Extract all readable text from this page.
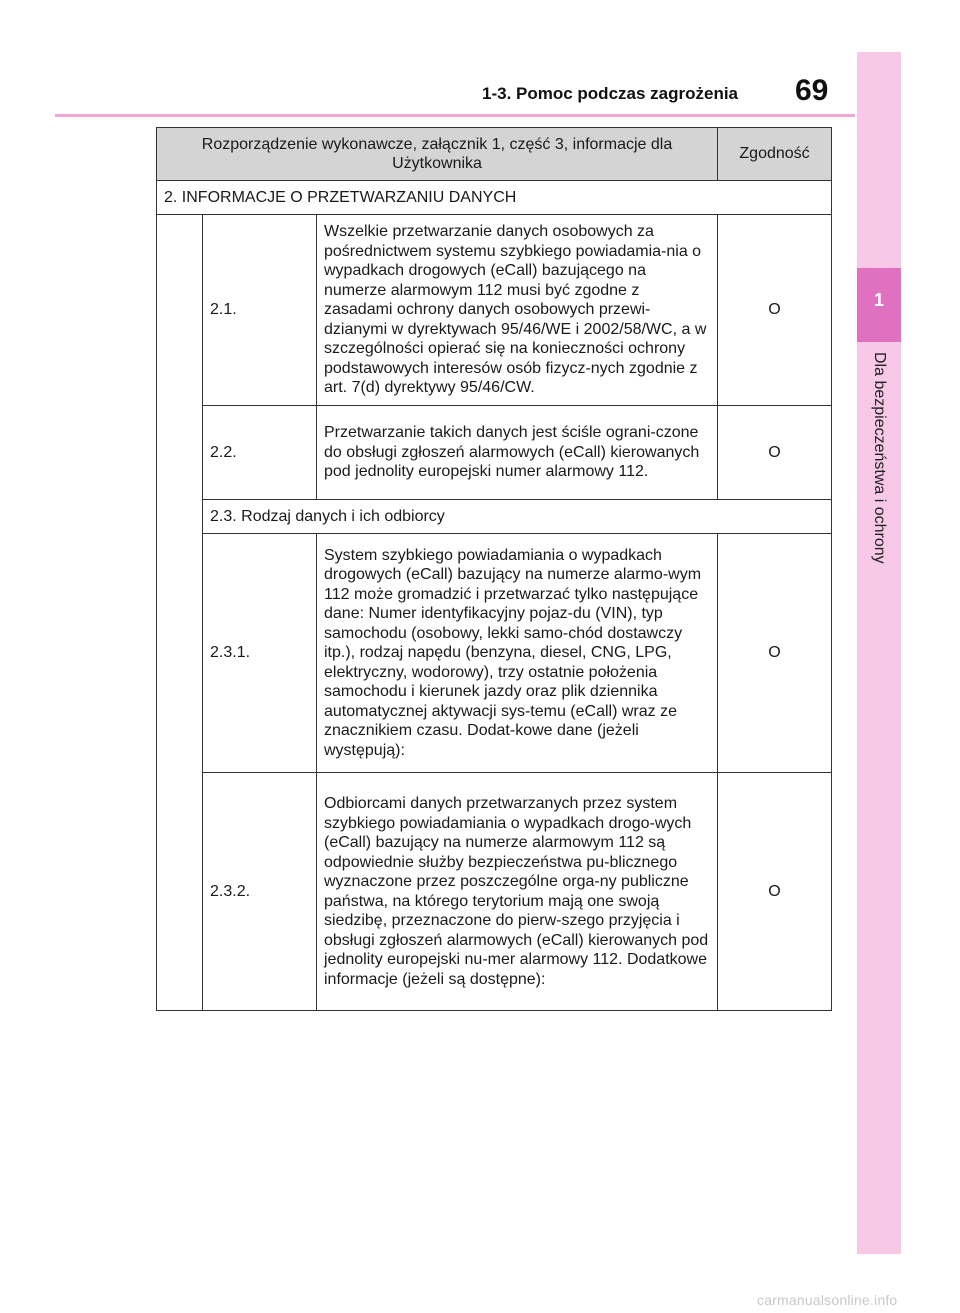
1-3. Pomoc podczas zagrożenia 69
1
Dla bezpieczeństwa i ochrony
Rozporządzenie wykonawcze, załącznik 1, część 3, informacje dla Użytkownika			Zgodność
2. INFORMACJE O PRZETWARZANIU DANYCH			
	2.1.	Wszelkie przetwarzanie danych osobowych za pośrednictwem systemu szybkiego powiadamia-nia o wypadkach drogowych (eCall) bazującego na numerze alarmowym 112 musi być zgodne z zasadami ochrony danych osobowych przewi-dzianymi w dyrektywach 95/46/WE i 2002/58/WC, a w szczególności opierać się na konieczności ochrony podstawowych interesów osób fizycz-nych zgodnie z art. 7(d) dyrektywy 95/46/CW.	O
	2.2.	Przetwarzanie takich danych jest ściśle ograni-czone do obsługi zgłoszeń alarmowych (eCall) kierowanych pod jednolity europejski numer alarmowy 112.	O
	2.3. Rodzaj danych i ich odbiorcy		
	2.3.1.	System szybkiego powiadamiania o wypadkach drogowych (eCall) bazujący na numerze alarmo-wym 112 może gromadzić i przetwarzać tylko następujące dane: Numer identyfikacyjny pojaz-du (VIN), typ samochodu (osobowy, lekki samo-chód dostawczy itp.), rodzaj napędu (benzyna, diesel, CNG, LPG, elektryczny, wodorowy), trzy ostatnie położenia samochodu i kierunek jazdy oraz plik dziennika automatycznej aktywacji sys-temu (eCall) wraz ze znacznikiem czasu. Dodat-kowe dane (jeżeli występują):	O
	2.3.2.	Odbiorcami danych przetwarzanych przez system szybkiego powiadamiania o wypadkach drogo-wych (eCall) bazujący na numerze alarmowym 112 są odpowiednie służby bezpieczeństwa pu-blicznego wyznaczone przez poszczególne orga-ny publiczne państwa, na którego terytorium mają one swoją siedzibę, przeznaczone do pierw-szego przyjęcia i obsługi zgłoszeń alarmowych (eCall) kierowanych pod jednolity europejski nu-mer alarmowy 112. Dodatkowe informacje (jeżeli są dostępne):	O
carmanualsonline.info
